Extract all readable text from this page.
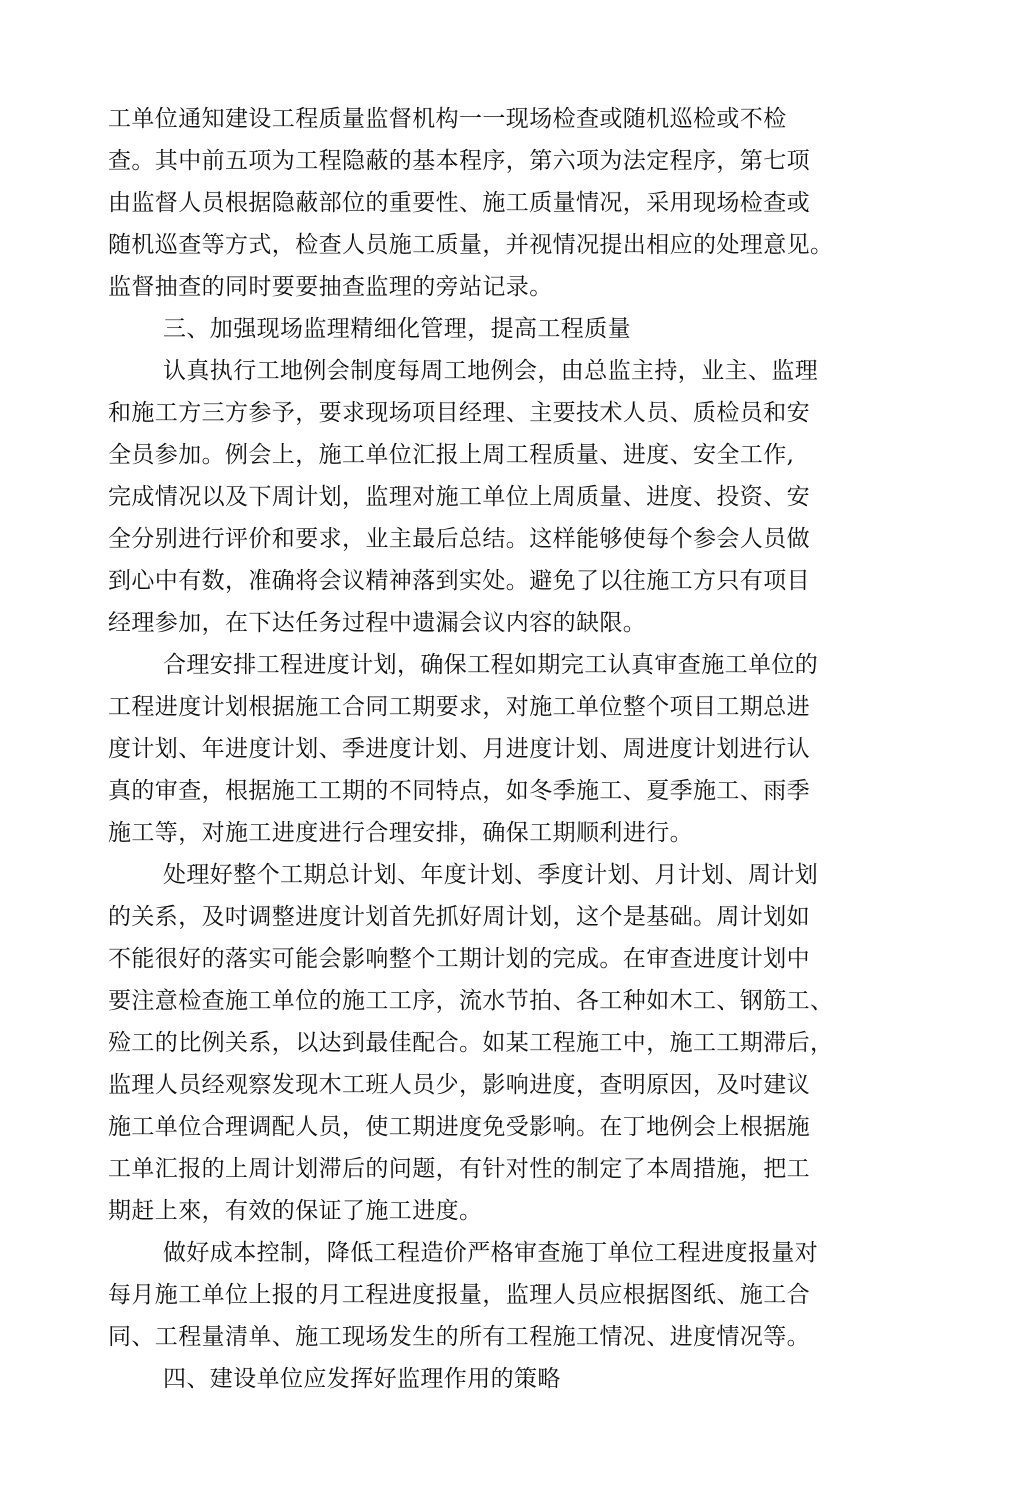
工单位通知建设工程质量监督机构一一现场检查或随机巡检或不检
查。其中前五项为工程隐蔽的基本程序，第六项为法定程序，第七项
由监督人员根据隐蔽部位的重要性、施工质量情况，采用现场检查或
随机巡查等方式，检查人员施工质量，并视情况提出相应的处理意见。
监督抽查的同时要要抽查监理的旁站记录。
三、加强现场监理精细化管理，提高工程质量
认真执行工地例会制度每周工地例会，由总监主持，业主、监理
和施工方三方参予，要求现场项目经理、主要技术人员、质检员和安
全员参加。例会上，施工单位汇报上周工程质量、进度、安全工作,
完成情况以及下周计划，监理对施工单位上周质量、进度、投资、安
全分别进行评价和要求，业主最后总结。这样能够使每个参会人员做
到心中有数，准确将会议精神落到实处。避免了以往施工方只有项目
经理参加，在下达任务过程中遗漏会议内容的缺限。
合理安排工程进度计划，确保工程如期完工认真审查施工单位的
工程进度计划根据施工合同工期要求，对施工单位整个项目工期总进
度计划、年进度计划、季进度计划、月进度计划、周进度计划进行认
真的审查，根据施工工期的不同特点，如冬季施工、夏季施工、雨季
施工等，对施工进度进行合理安排，确保工期顺利进行。
处理好整个工期总计划、年度计划、季度计划、月计划、周计划
的关系，及吋调整进度计划首先抓好周计划，这个是基础。周计划如
不能很好的落实可能会影响整个工期计划的完成。在审查进度计划中
要注意检查施工单位的施工工序，流水节拍、各工种如木工、钢筋工、
殓工的比例关系，以达到最佳配合。如某工程施工中，施工工期滞后，
监理人员经观察发现木工班人员少，影响进度，查明原因，及吋建议
施工单位合理调配人员，使工期进度免受影响。在丁地例会上根据施
工单汇报的上周计划滞后的问题，有针对性的制定了本周措施，把工
期赶上來，有效的保证了施工进度。
做好成本控制，降低工程造价严格审查施丁单位工程进度报量对
每月施工单位上报的月工程进度报量，监理人员应根据图纸、施工合
同、工程量清单、施工现场发生的所有工程施工情况、进度情况等。
四、建设单位应发挥好监理作用的策略
